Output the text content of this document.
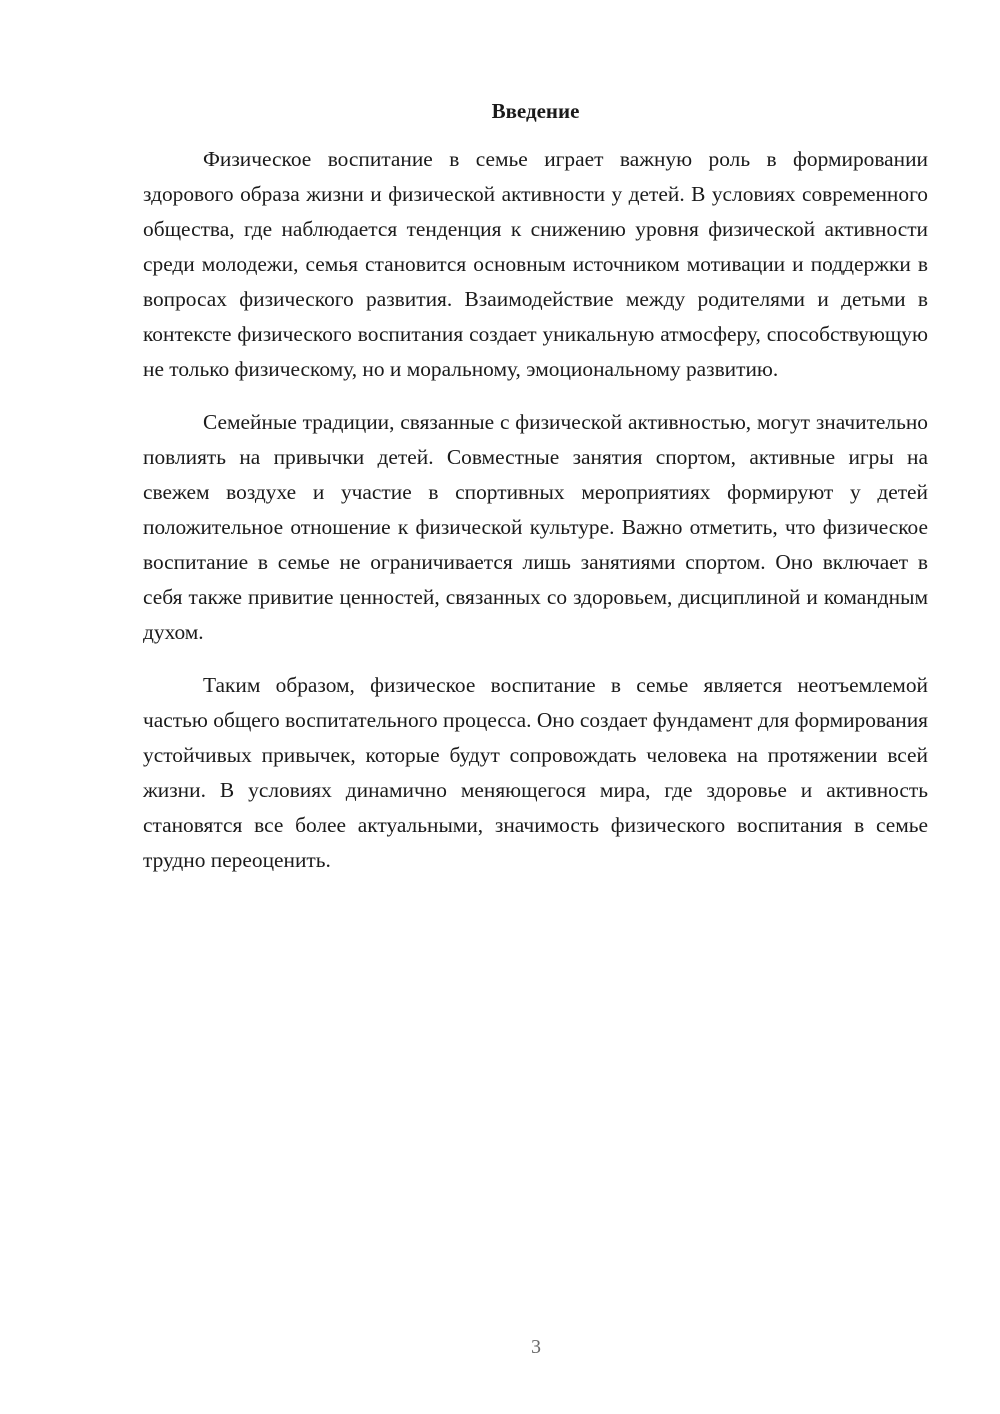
Введение

Физическое воспитание в семье играет важную роль в формировании здорового образа жизни и физической активности у детей. В условиях современного общества, где наблюдается тенденция к снижению уровня физической активности среди молодежи, семья становится основным источником мотивации и поддержки в вопросах физического развития. Взаимодействие между родителями и детьми в контексте физического воспитания создает уникальную атмосферу, способствующую не только физическому, но и моральному, эмоциональному развитию.

Семейные традиции, связанные с физической активностью, могут значительно повлиять на привычки детей. Совместные занятия спортом, активные игры на свежем воздухе и участие в спортивных мероприятиях формируют у детей положительное отношение к физической культуре. Важно отметить, что физическое воспитание в семье не ограничивается лишь занятиями спортом. Оно включает в себя также привитие ценностей, связанных со здоровьем, дисциплиной и командным духом.

Таким образом, физическое воспитание в семье является неотъемлемой частью общего воспитательного процесса. Оно создает фундамент для формирования устойчивых привычек, которые будут сопровождать человека на протяжении всей жизни. В условиях динамично меняющегося мира, где здоровье и активность становятся все более актуальными, значимость физического воспитания в семье трудно переоценить.

3
